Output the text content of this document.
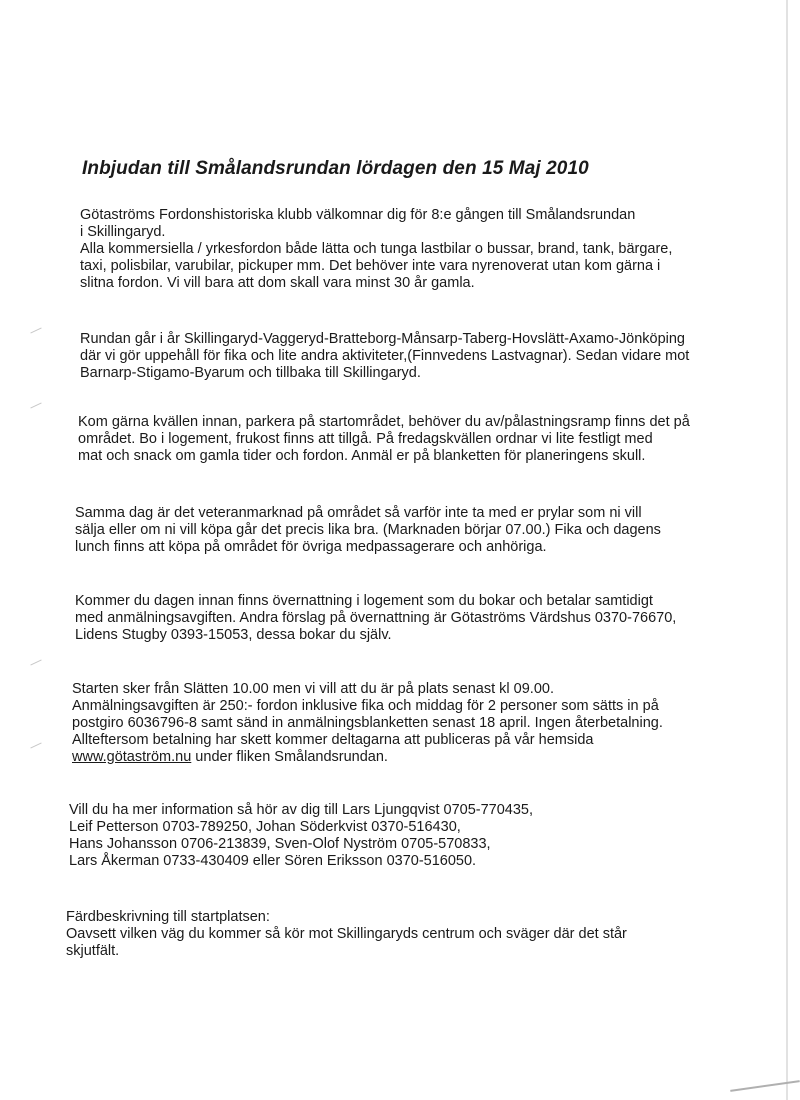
Inbjudan till Smålandsrundan lördagen den 15 Maj 2010
Götaströms Fordonshistoriska klubb välkomnar dig för 8:e gången till Smålandsrundan
i Skillingaryd.
Alla kommersiella / yrkesfordon både lätta och tunga lastbilar o bussar, brand, tank, bärgare,
taxi, polisbilar, varubilar, pickuper mm. Det behöver inte vara nyrenoverat utan kom gärna i
slitna fordon. Vi vill bara att dom skall vara minst 30 år gamla.
Rundan går i år Skillingaryd-Vaggeryd-Bratteborg-Månsarp-Taberg-Hovslätt-Axamo-Jönköping
där vi gör uppehåll för fika och lite andra aktiviteter,(Finnvedens Lastvagnar). Sedan vidare mot
Barnarp-Stigamo-Byarum och tillbaka till Skillingaryd.
Kom gärna kvällen innan, parkera på startområdet, behöver du av/pålastningsramp finns det på
området. Bo i logement, frukost finns att tillgå. På fredagskvällen ordnar vi lite festligt med
mat och snack om gamla tider och fordon. Anmäl er på blanketten för planeringens skull.
Samma dag är det veteranmarknad på området så varför inte ta med er prylar som ni vill
sälja eller om ni vill köpa går det precis lika bra. (Marknaden börjar 07.00.) Fika och dagens
lunch finns att köpa på området för övriga medpassagerare och anhöriga.
Kommer du dagen innan finns övernattning i logement som du bokar och betalar samtidigt
med anmälningsavgiften. Andra förslag på övernattning är Götaströms Värdshus 0370-76670,
Lidens Stugby 0393-15053, dessa bokar du själv.
Starten sker från Slätten 10.00 men vi vill att du är på plats senast kl 09.00.
Anmälningsavgiften är 250:- fordon inklusive fika och middag för 2 personer som sätts in på
postgiro 6036796-8 samt sänd in anmälningsblanketten senast 18 april. Ingen återbetalning.
Allteftersom betalning har skett kommer deltagarna att publiceras på vår hemsida
www.götaström.nu under fliken Smålandsrundan.
Vill du ha mer information så hör av dig till Lars Ljungqvist 0705-770435,
Leif Petterson 0703-789250, Johan Söderkvist 0370-516430,
Hans Johansson 0706-213839, Sven-Olof Nyström 0705-570833,
Lars Åkerman 0733-430409 eller Sören Eriksson 0370-516050.
Färdbeskrivning till startplatsen:
Oavsett vilken väg du kommer så kör mot Skillingaryds centrum och sväger där det står
skjutfält.
